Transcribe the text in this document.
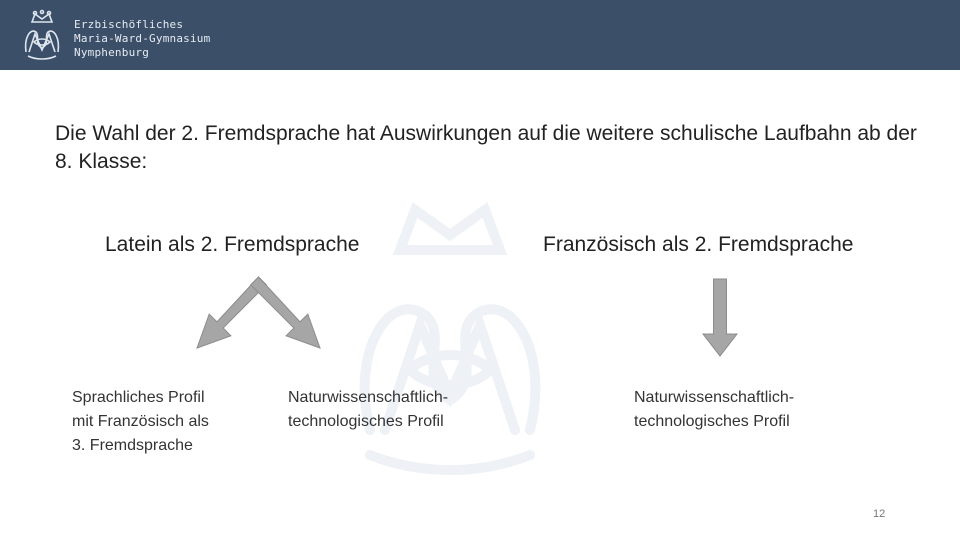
Erzbischöfliches
Maria-Ward-Gymnasium
Nymphenburg
Die Wahl der 2. Fremdsprache hat Auswirkungen auf die weitere schulische Laufbahn ab der 8. Klasse:
Latein als 2. Fremdsprache	Französisch als 2. Fremdsprache
Sprachliches Profil
mit Französisch als
3. Fremdsprache
Naturwissenschaftlich-
technologisches Profil
Naturwissenschaftlich-
technologisches Profil
12
